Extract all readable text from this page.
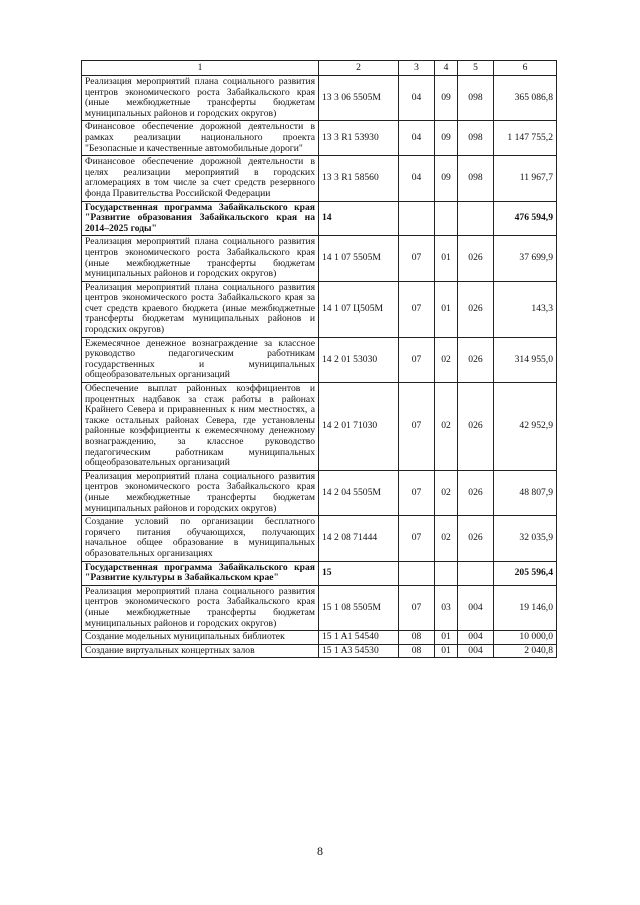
1	2	3	4	5	6
Реализация мероприятий плана социального развития центров экономического роста Забайкальского края (иные межбюджетные трансферты бюджетам муниципальных районов и городских округов)	13 3 06 5505М	04	09	098	365 086,8
Финансовое обеспечение дорожной деятельности в рамках реализации национального проекта "Безопасные и качественные автомобильные дороги"	13 3 R1 53930	04	09	098	1 147 755,2
Финансовое обеспечение дорожной деятельности в целях реализации мероприятий в городских агломерациях в том числе за счет средств резервного фонда Правительства Российской Федерации	13 3 R1 58560	04	09	098	11 967,7
Государственная программа Забайкальского края "Развитие образования Забайкальского края на 2014–2025 годы"	14				476 594,9
Реализация мероприятий плана социального развития центров экономического роста Забайкальского края (иные межбюджетные трансферты бюджетам муниципальных районов и городских округов)	14 1 07 5505М	07	01	026	37 699,9
Реализация мероприятий плана социального развития центров экономического роста Забайкальского края за счет средств краевого бюджета (иные межбюджетные трансферты бюджетам муниципальных районов и городских округов)	14 1 07 Ц505М	07	01	026	143,3
Ежемесячное денежное вознаграждение за классное руководство педагогическим работникам государственных и муниципальных общеобразовательных организаций	14 2 01 53030	07	02	026	314 955,0
Обеспечение выплат районных коэффициентов и процентных надбавок за стаж работы в районах Крайнего Севера и приравненных к ним местностях, а также остальных районах Севера, где установлены районные коэффициенты к ежемесячному денежному вознаграждению, за классное руководство педагогическим работникам муниципальных общеобразовательных организаций	14 2 01 71030	07	02	026	42 952,9
Реализация мероприятий плана социального развития центров экономического роста Забайкальского края (иные межбюджетные трансферты бюджетам муниципальных районов и городских округов)	14 2 04 5505М	07	02	026	48 807,9
Создание условий по организации бесплатного горячего питания обучающихся, получающих начальное общее образование в муниципальных образовательных организациях	14 2 08 71444	07	02	026	32 035,9
Государственная программа Забайкальского края "Развитие культуры в Забайкальском крае"	15				205 596,4
Реализация мероприятий плана социального развития центров экономического роста Забайкальского края (иные межбюджетные трансферты бюджетам муниципальных районов и городских округов)	15 1 08 5505М	07	03	004	19 146,0
Создание модельных муниципальных библиотек	15 1 A1 54540	08	01	004	10 000,0
Создание виртуальных концертных залов	15 1 A3 54530	08	01	004	2 040,8
8
